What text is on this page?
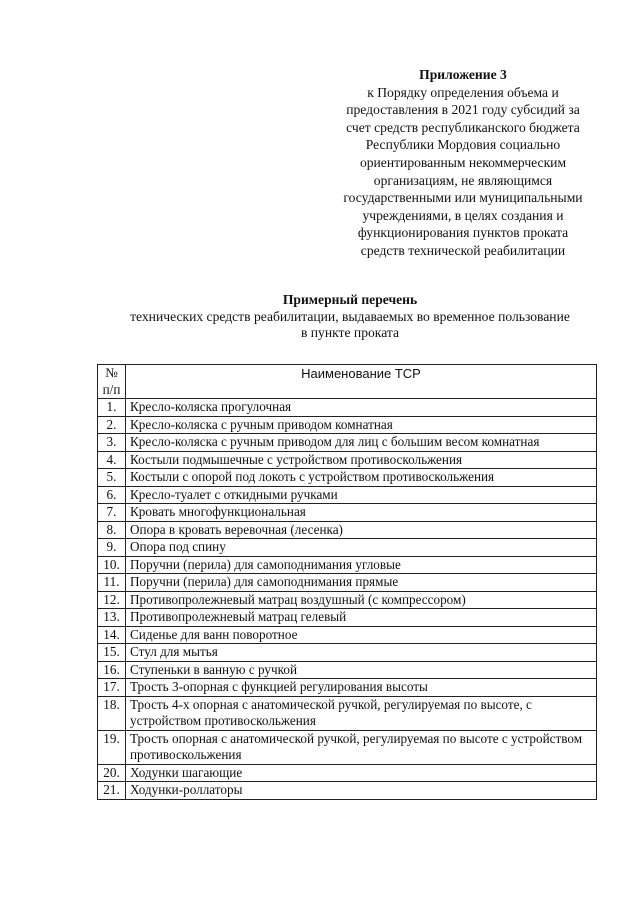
Приложение 3
к Порядку определения объема и
предоставления в 2021 году субсидий за
счет средств республиканского бюджета
Республики Мордовия социально
ориентированным некоммерческим
организациям, не являющимся
государственными или муниципальными
учреждениями, в целях создания и
функционирования пунктов проката
средств технической реабилитации
Примерный перечень
технических средств реабилитации, выдаваемых во временное пользование
в пункте проката
№
п/п	Наименование ТСР
1.	Кресло-коляска прогулочная
2.	Кресло-коляска с ручным приводом комнатная
3.	Кресло-коляска с ручным приводом для лиц с большим весом комнатная
4.	Костыли подмышечные с устройством противоскольжения
5.	Костыли с опорой под локоть с устройством противоскольжения
6.	Кресло-туалет с откидными ручками
7.	Кровать многофункциональная
8.	Опора в кровать веревочная (лесенка)
9.	Опора под спину
10.	Поручни (перила) для самоподнимания угловые
11.	Поручни (перила) для самоподнимания прямые
12.	Противопролежневый матрац воздушный (с компрессором)
13.	Противопролежневый матрац гелевый
14.	Сиденье для ванн поворотное
15.	Стул для мытья
16.	Ступеньки в ванную с ручкой
17.	Трость 3-опорная с функцией регулирования высоты
18.	Трость 4-х опорная с анатомической ручкой, регулируемая по высоте, с устройством противоскольжения
19.	Трость опорная с анатомической ручкой, регулируемая по высоте с устройством противоскольжения
20.	Ходунки шагающие
21.	Ходунки-роллаторы
